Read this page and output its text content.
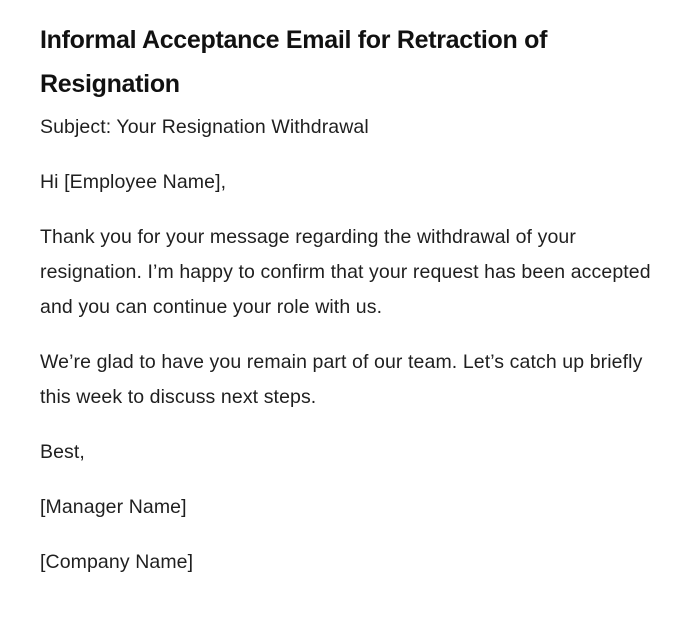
Informal Acceptance Email for Retraction of Resignation

Subject: Your Resignation Withdrawal

Hi [Employee Name],

Thank you for your message regarding the withdrawal of your resignation. I’m happy to confirm that your request has been accepted and you can continue your role with us.

We’re glad to have you remain part of our team. Let’s catch up briefly this week to discuss next steps.

Best,

[Manager Name]

[Company Name]
